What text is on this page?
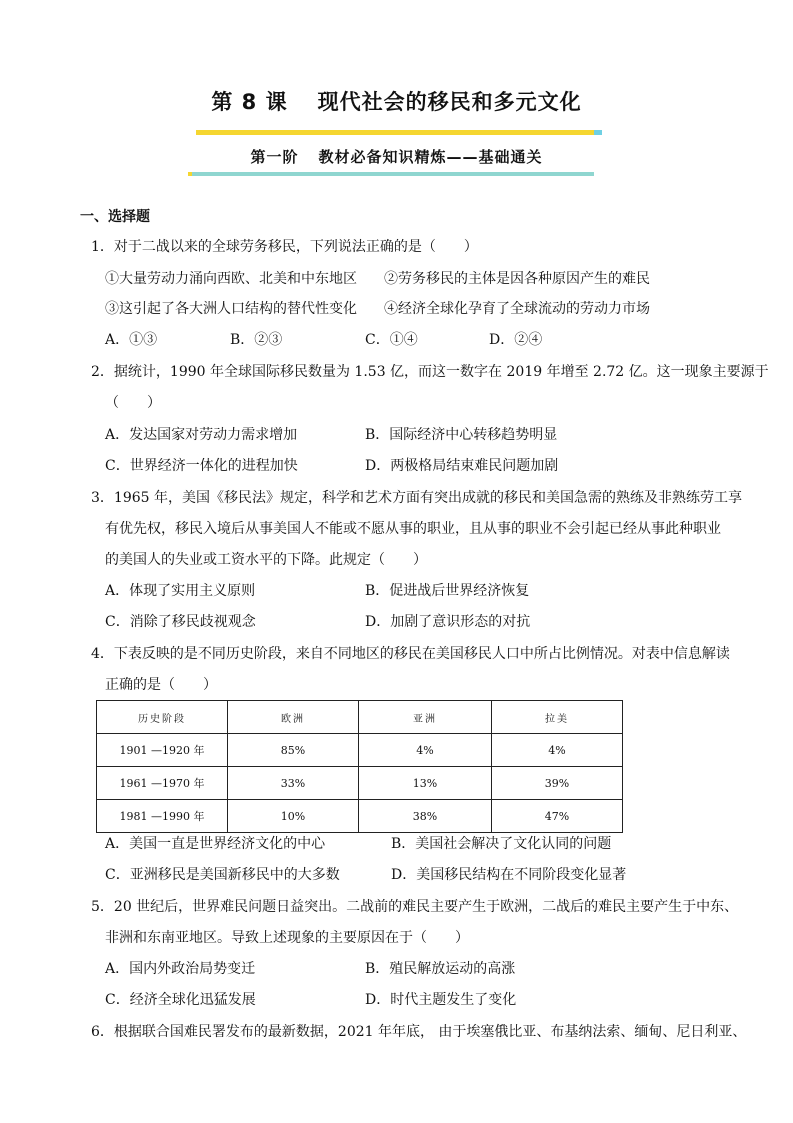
第 8 课 现代社会的移民和多元文化
第一阶 教材必备知识精炼——基础通关
一、选择题
1．对于二战以来的全球劳务移民，下列说法正确的是（　　）
①大量劳动力涌向西欧、北美和中东地区 ②劳务移民的主体是因各种原因产生的难民
③这引起了各大洲人口结构的替代性变化 ④经济全球化孕育了全球流动的劳动力市场
A．①③	B．②③	C．①④	D．②④
2．据统计，1990 年全球国际移民数量为 1.53 亿，而这一数字在 2019 年增至 2.72 亿。这一现象主要源于
（　　）
A．发达国家对劳动力需求增加	B．国际经济中心转移趋势明显
C．世界经济一体化的进程加快	D．两极格局结束难民问题加剧
3．1965 年，美国《移民法》规定，科学和艺术方面有突出成就的移民和美国急需的熟练及非熟练劳工享
有优先权，移民入境后从事美国人不能或不愿从事的职业，且从事的职业不会引起已经从事此种职业
的美国人的失业或工资水平的下降。此规定（　　）
A．体现了实用主义原则	B．促进战后世界经济恢复
C．消除了移民歧视观念	D．加剧了意识形态的对抗
4．下表反映的是不同历史阶段，来自不同地区的移民在美国移民人口中所占比例情况。对表中信息解读
正确的是（　　）
历史阶段	欧洲	亚洲	拉美
1901 —1920 年	85%	4%	4%
1961 —1970 年	33%	13%	39%
1981 —1990 年	10%	38%	47%
A．美国一直是世界经济文化的中心	B．美国社会解决了文化认同的问题
C．亚洲移民是美国新移民中的大多数	D．美国移民结构在不同阶段变化显著
5．20 世纪后，世界难民问题日益突出。二战前的难民主要产生于欧洲，二战后的难民主要产生于中东、
非洲和东南亚地区。导致上述现象的主要原因在于（　　）
A．国内外政治局势变迁	B．殖民解放运动的高涨
C．经济全球化迅猛发展	D．时代主题发生了变化
6．根据联合国难民署发布的最新数据，2021 年年底， 由于埃塞俄比亚、布基纳法索、缅甸、尼日利亚、
